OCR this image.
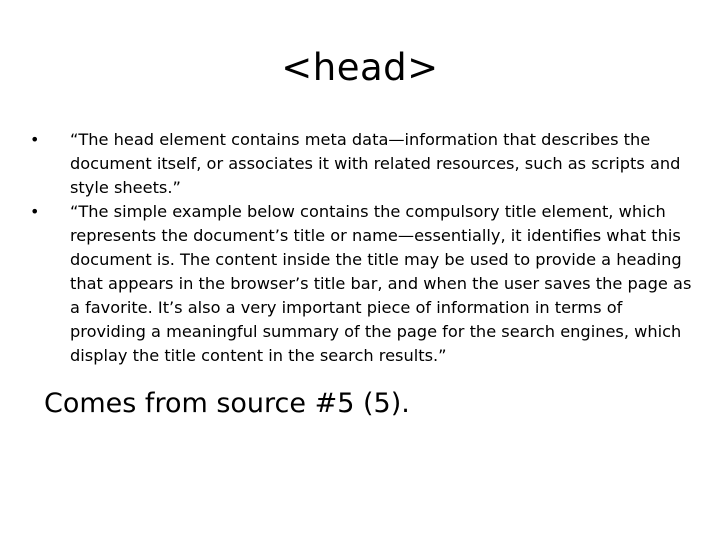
<head>
• “The head element contains meta data—information that describes the document itself, or associates it with related resources, such as scripts and style sheets.”
• “The simple example below contains the compulsory title element, which represents the document’s title or name—essentially, it identifies what this document is. The content inside the title may be used to provide a heading that appears in the browser’s title bar, and when the user saves the page as a favorite. It’s also a very important piece of information in terms of providing a meaningful summary of the page for the search engines, which display the title content in the search results.”
Comes from source #5 (5).
